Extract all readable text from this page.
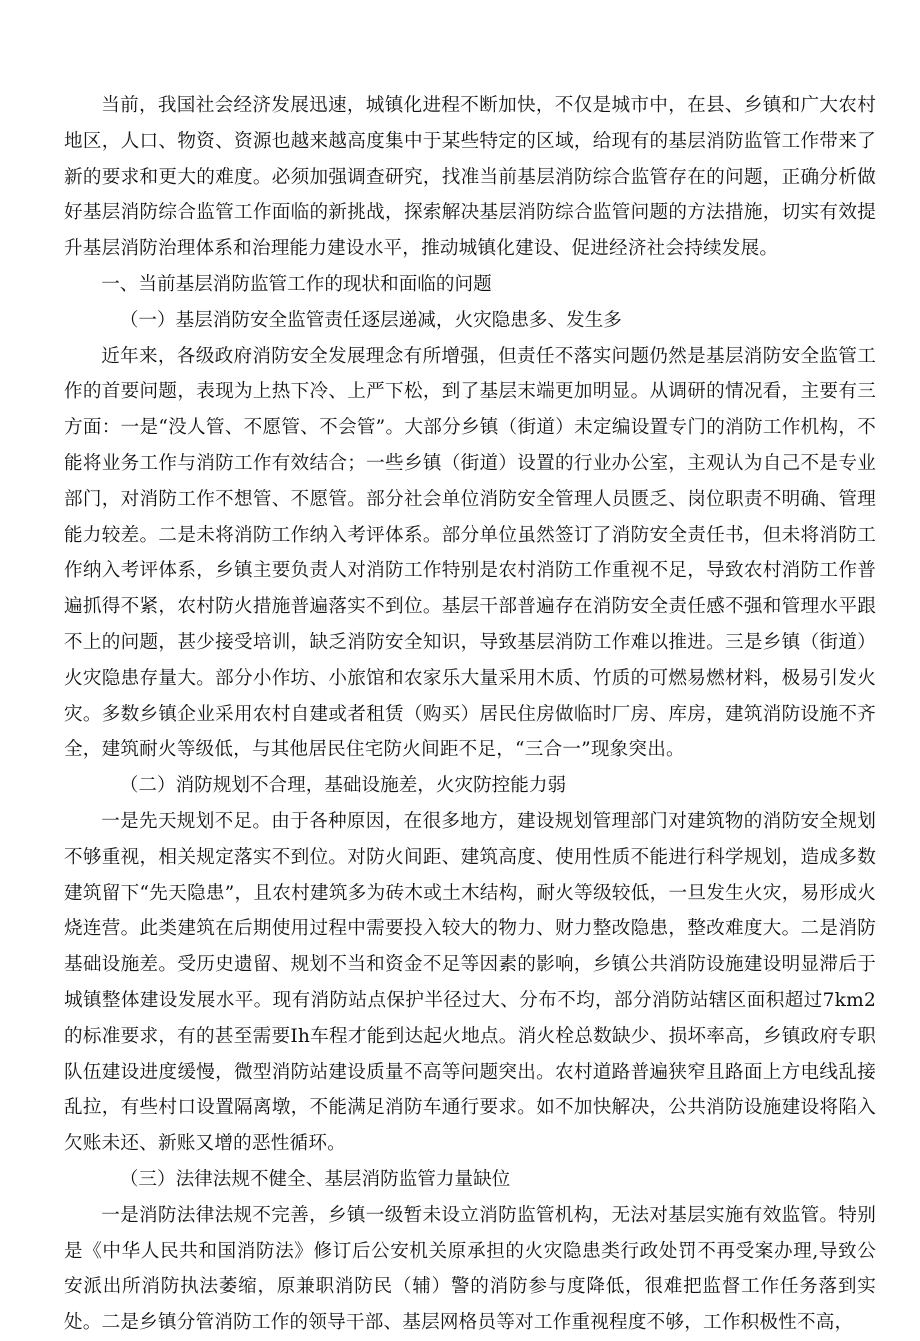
当前，我国社会经济发展迅速，城镇化进程不断加快，不仅是城市中，在县、乡镇和广大农村地区，人口、物资、资源也越来越高度集中于某些特定的区域，给现有的基层消防监管工作带来了新的要求和更大的难度。必须加强调查研究，找准当前基层消防综合监管存在的问题，正确分析做好基层消防综合监管工作面临的新挑战，探索解决基层消防综合监管问题的方法措施，切实有效提升基层消防治理体系和治理能力建设水平，推动城镇化建设、促进经济社会持续发展。

一、当前基层消防监管工作的现状和面临的问题

（一）基层消防安全监管责任逐层递减，火灾隐患多、发生多

近年来，各级政府消防安全发展理念有所增强，但责任不落实问题仍然是基层消防安全监管工作的首要问题，表现为上热下冷、上严下松，到了基层末端更加明显。从调研的情况看，主要有三方面：一是“没人管、不愿管、不会管”。大部分乡镇（街道）未定编设置专门的消防工作机构，不能将业务工作与消防工作有效结合；一些乡镇（街道）设置的行业办公室，主观认为自己不是专业部门，对消防工作不想管、不愿管。部分社会单位消防安全管理人员匮乏、岗位职责不明确、管理能力较差。二是未将消防工作纳入考评体系。部分单位虽然签订了消防安全责任书，但未将消防工作纳入考评体系，乡镇主要负责人对消防工作特别是农村消防工作重视不足，导致农村消防工作普遍抓得不紧，农村防火措施普遍落实不到位。基层干部普遍存在消防安全责任感不强和管理水平跟不上的问题，甚少接受培训，缺乏消防安全知识，导致基层消防工作难以推进。三是乡镇（街道）火灾隐患存量大。部分小作坊、小旅馆和农家乐大量采用木质、竹质的可燃易燃材料，极易引发火灾。多数乡镇企业采用农村自建或者租赁（购买）居民住房做临时厂房、库房，建筑消防设施不齐全，建筑耐火等级低，与其他居民住宅防火间距不足，“三合一”现象突出。

（二）消防规划不合理，基础设施差，火灾防控能力弱

一是先天规划不足。由于各种原因，在很多地方，建设规划管理部门对建筑物的消防安全规划不够重视，相关规定落实不到位。对防火间距、建筑高度、使用性质不能进行科学规划，造成多数建筑留下“先天隐患”，且农村建筑多为砖木或土木结构，耐火等级较低，一旦发生火灾，易形成火烧连营。此类建筑在后期使用过程中需要投入较大的物力、财力整改隐患，整改难度大。二是消防基础设施差。受历史遗留、规划不当和资金不足等因素的影响，乡镇公共消防设施建设明显滞后于城镇整体建设发展水平。现有消防站点保护半径过大、分布不均，部分消防站辖区面积超过7km2的标准要求，有的甚至需要Ih车程才能到达起火地点。消火栓总数缺少、损坏率高，乡镇政府专职队伍建设进度缓慢，微型消防站建设质量不高等问题突出。农村道路普遍狭窄且路面上方电线乱接乱拉，有些村口设置隔离墩，不能满足消防车通行要求。如不加快解决，公共消防设施建设将陷入欠账未还、新账又增的恶性循环。

（三）法律法规不健全、基层消防监管力量缺位

一是消防法律法规不完善，乡镇一级暂未设立消防监管机构，无法对基层实施有效监管。特别是《中华人民共和国消防法》修订后公安机关原承担的火灾隐患类行政处罚不再受案办理,导致公安派出所消防执法萎缩，原兼职消防民（辅）警的消防参与度降低，很难把监督工作任务落到实处。二是乡镇分管消防工作的领导干部、基层网格员等对工作重视程度不够，工作积极性不高，
